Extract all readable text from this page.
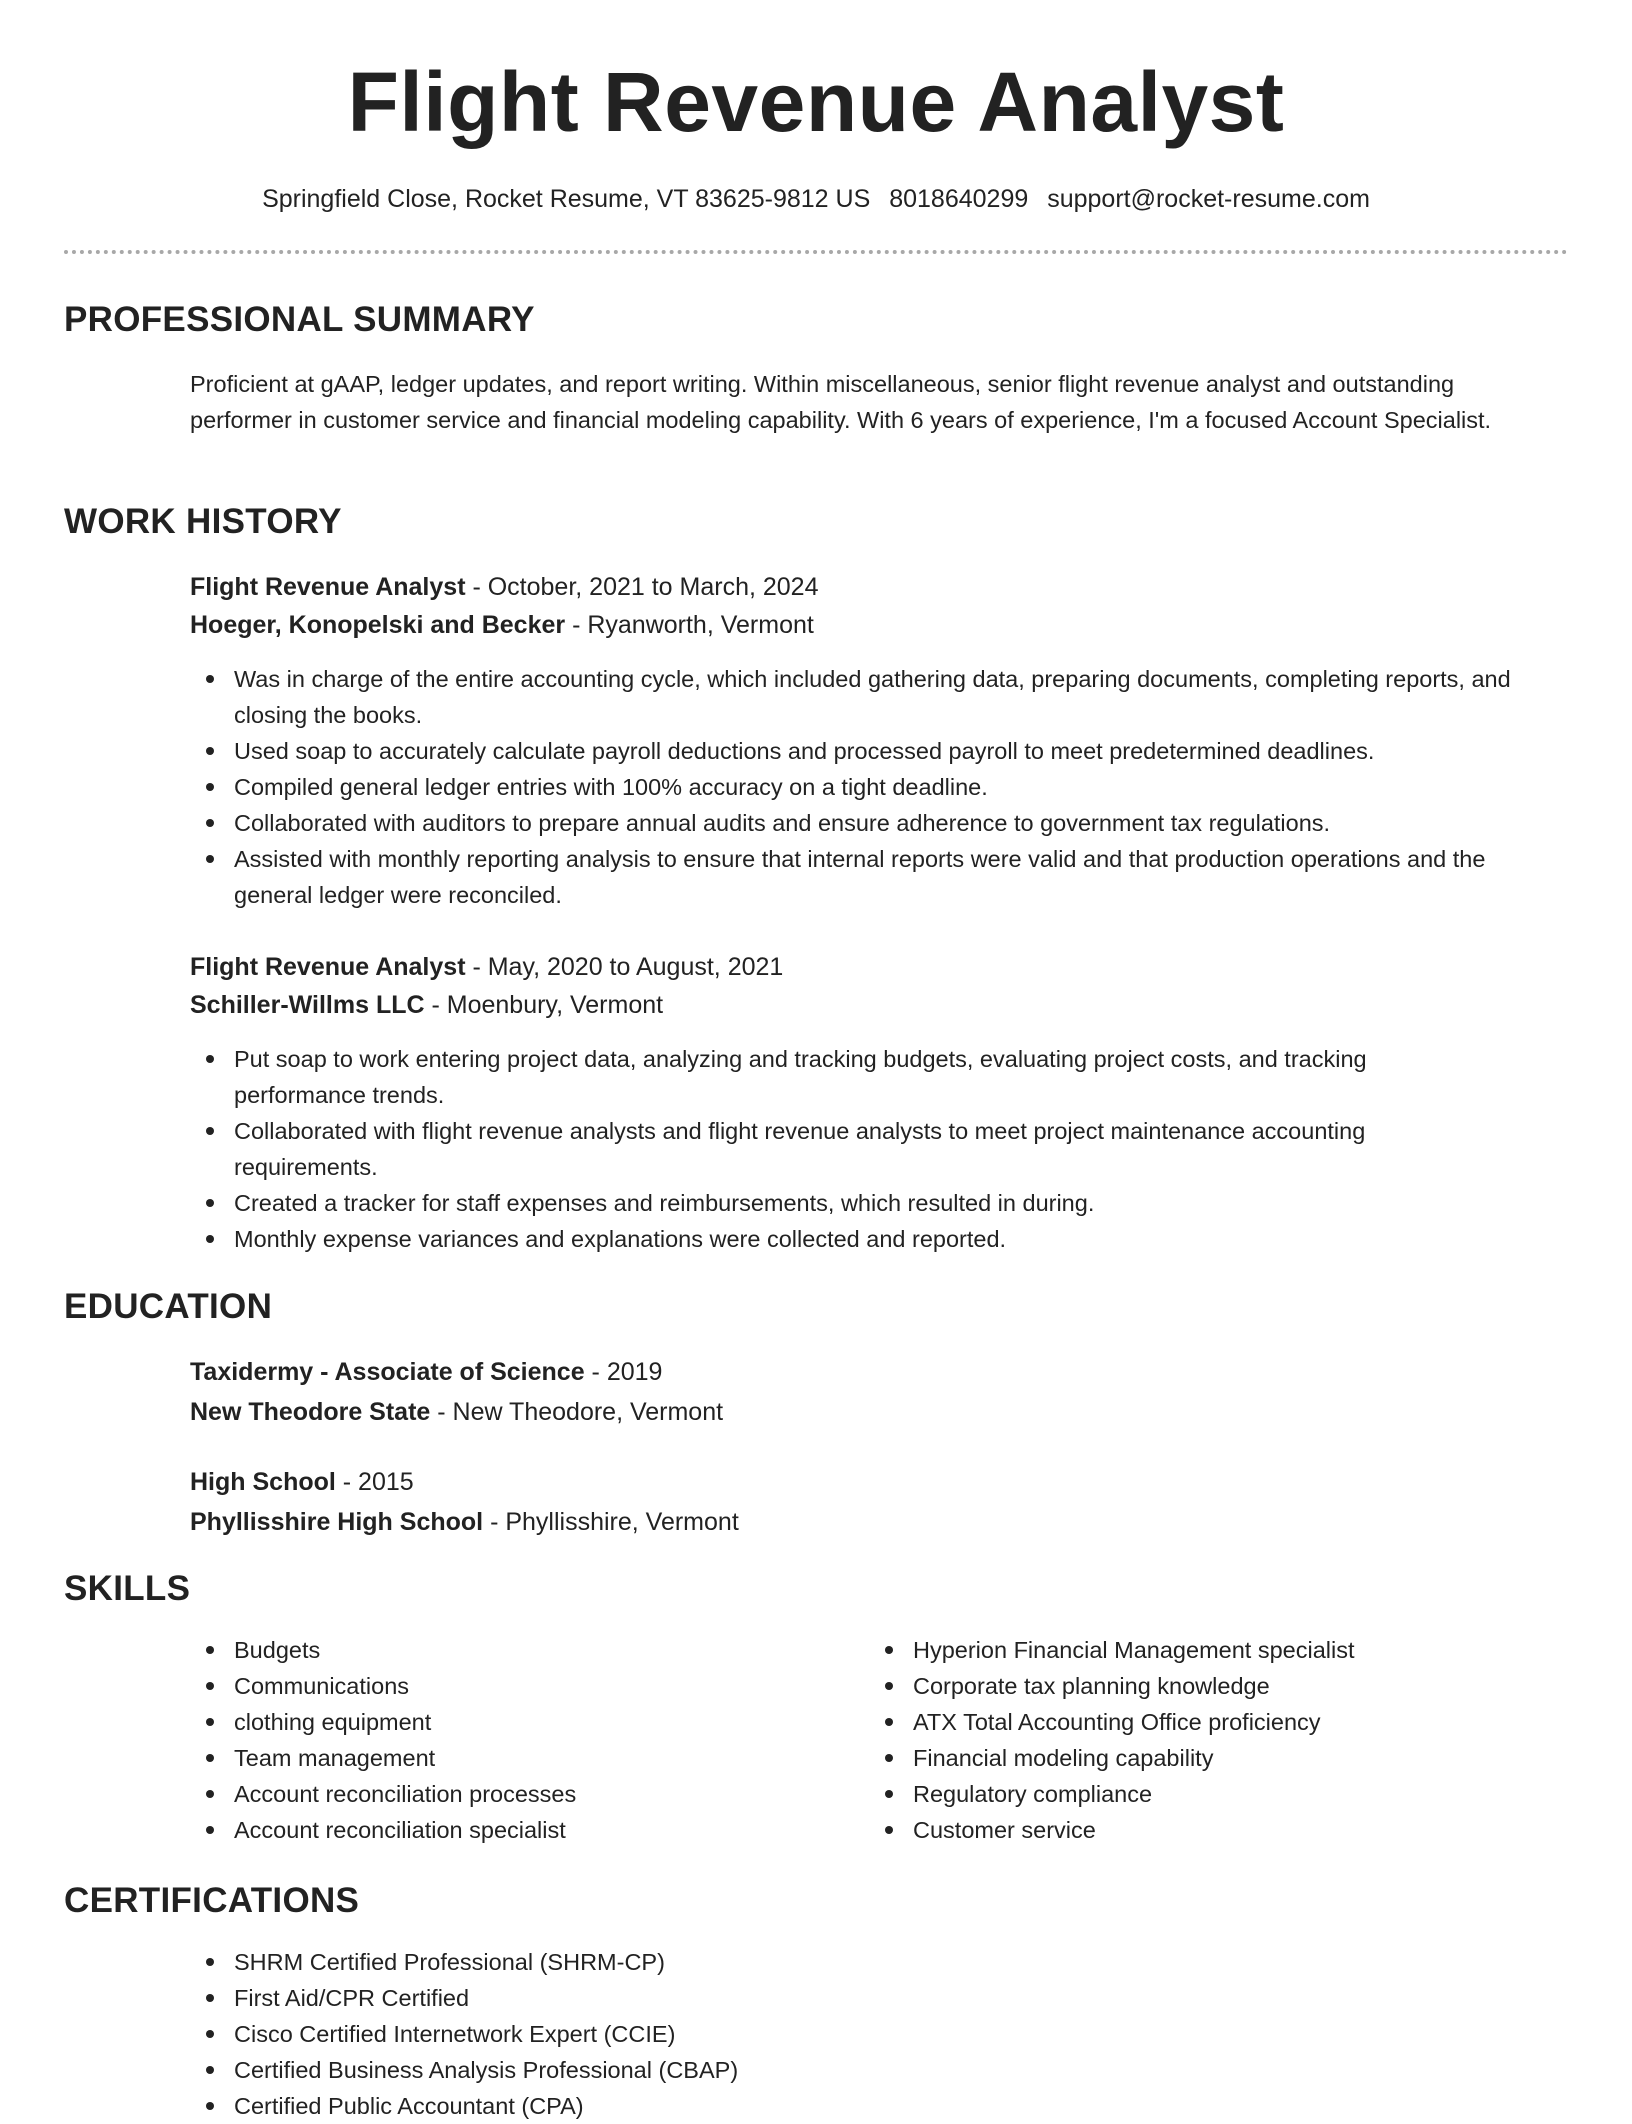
Flight Revenue Analyst
Springfield Close, Rocket Resume, VT 83625-9812 US 8018640299 support@rocket-resume.com
PROFESSIONAL SUMMARY
Proficient at gAAP, ledger updates, and report writing. Within miscellaneous, senior flight revenue analyst and outstanding performer in customer service and financial modeling capability. With 6 years of experience, I'm a focused Account Specialist.
WORK HISTORY
Flight Revenue Analyst - October, 2021 to March, 2024
Hoeger, Konopelski and Becker - Ryanworth, Vermont
Was in charge of the entire accounting cycle, which included gathering data, preparing documents, completing reports, and closing the books.
Used soap to accurately calculate payroll deductions and processed payroll to meet predetermined deadlines.
Compiled general ledger entries with 100% accuracy on a tight deadline.
Collaborated with auditors to prepare annual audits and ensure adherence to government tax regulations.
Assisted with monthly reporting analysis to ensure that internal reports were valid and that production operations and the general ledger were reconciled.
Flight Revenue Analyst - May, 2020 to August, 2021
Schiller-Willms LLC - Moenbury, Vermont
Put soap to work entering project data, analyzing and tracking budgets, evaluating project costs, and tracking performance trends.
Collaborated with flight revenue analysts and flight revenue analysts to meet project maintenance accounting requirements.
Created a tracker for staff expenses and reimbursements, which resulted in during.
Monthly expense variances and explanations were collected and reported.
EDUCATION
Taxidermy - Associate of Science - 2019
New Theodore State - New Theodore, Vermont
High School - 2015
Phyllisshire High School - Phyllisshire, Vermont
SKILLS
Budgets
Communications
clothing equipment
Team management
Account reconciliation processes
Account reconciliation specialist
Hyperion Financial Management specialist
Corporate tax planning knowledge
ATX Total Accounting Office proficiency
Financial modeling capability
Regulatory compliance
Customer service
CERTIFICATIONS
SHRM Certified Professional (SHRM-CP)
First Aid/CPR Certified
Cisco Certified Internetwork Expert (CCIE)
Certified Business Analysis Professional (CBAP)
Certified Public Accountant (CPA)
